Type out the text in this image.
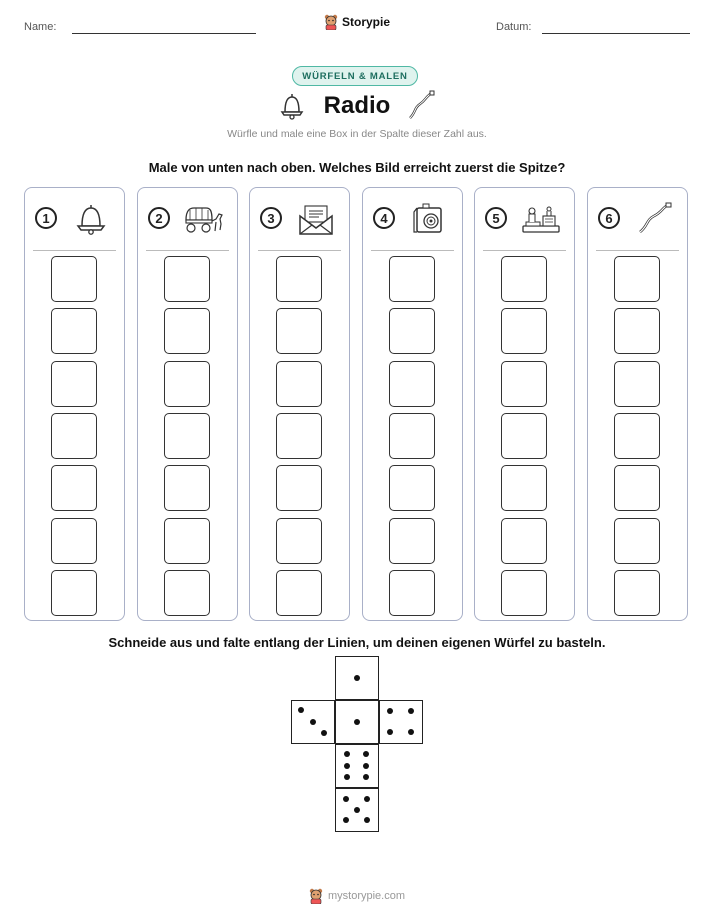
Name:	Storypie	Datum:
WÜRFELN & MALEN
Radio
Würfle und male eine Box in der Spalte dieser Zahl aus.
Male von unten nach oben. Welches Bild erreicht zuerst die Spitze?
1	2	3	4	5	6
Schneide aus und falte entlang der Linien, um deinen eigenen Würfel zu basteln.
mystorypie.com
